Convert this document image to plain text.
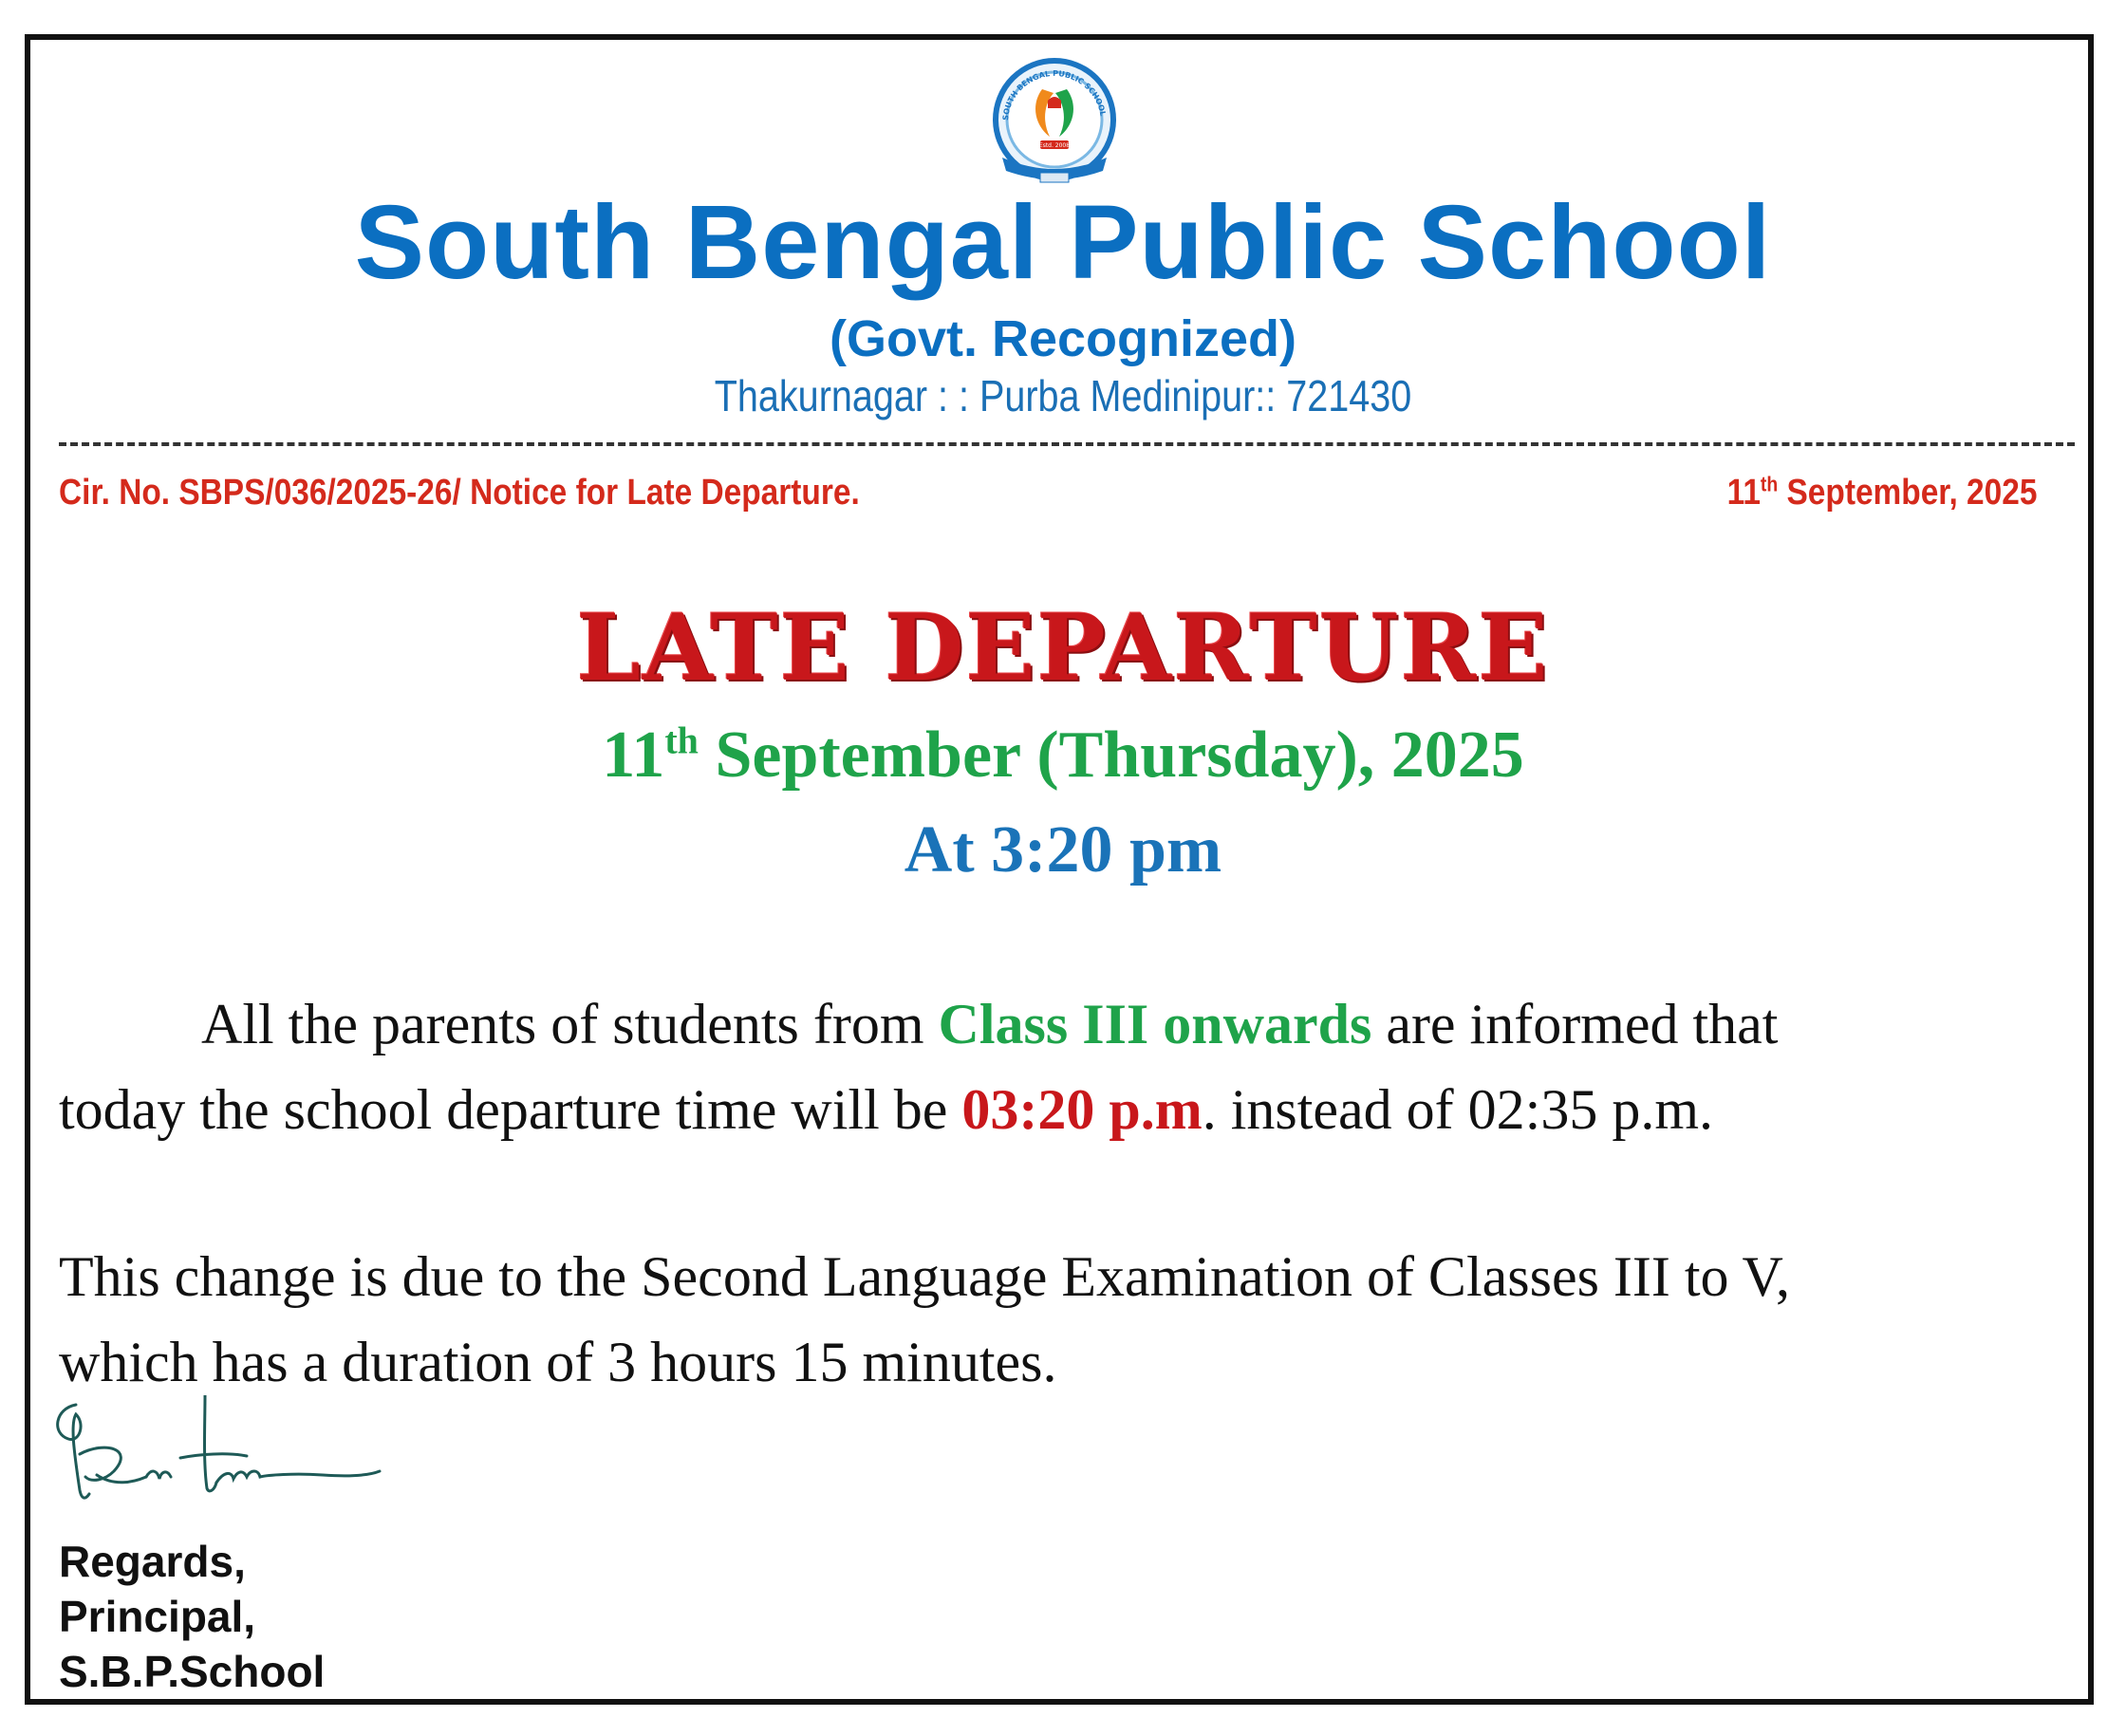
SOUTH BENGAL PUBLIC SCHOOL
Estd. 2008
South Bengal Public School
(Govt. Recognized)
Thakurnagar : : Purba Medinipur:: 721430
Cir. No. SBPS/036/2025-26/ Notice for Late Departure.	11th September, 2025
LATE DEPARTURE
11th September (Thursday), 2025
At 3:20 pm
All the parents of students from Class III onwards are informed that
today the school departure time will be 03:20 p.m. instead of 02:35 p.m.
This change is due to the Second Language Examination of Classes III to V,
which has a duration of 3 hours 15 minutes.
Regards,
Principal,
S.B.P.School
